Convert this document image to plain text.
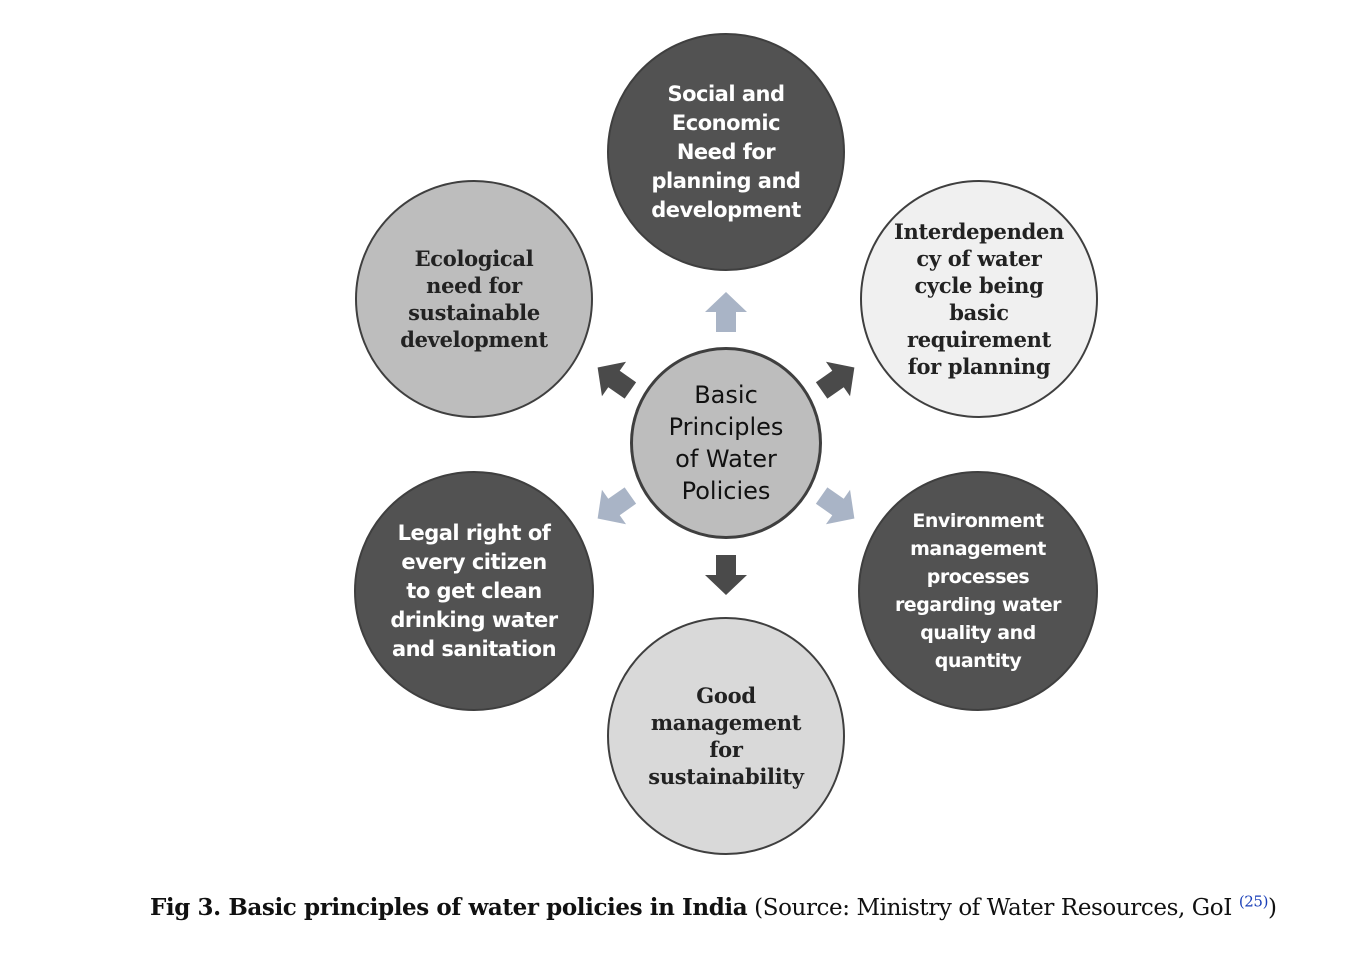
Social and
Economic
Need for
planning and
development
Interdependen
cy of water
cycle being
basic
requirement
for planning
Environment
management
processes
regarding water
quality and
quantity
Good
management
for
sustainability
Legal right of
every citizen
to get clean
drinking water
and sanitation
Ecological
need for
sustainable
development
Basic
Principles
of Water
Policies
Fig 3. Basic principles of water policies in India (Source: Ministry of Water Resources, GoI $^{(25)}$)
